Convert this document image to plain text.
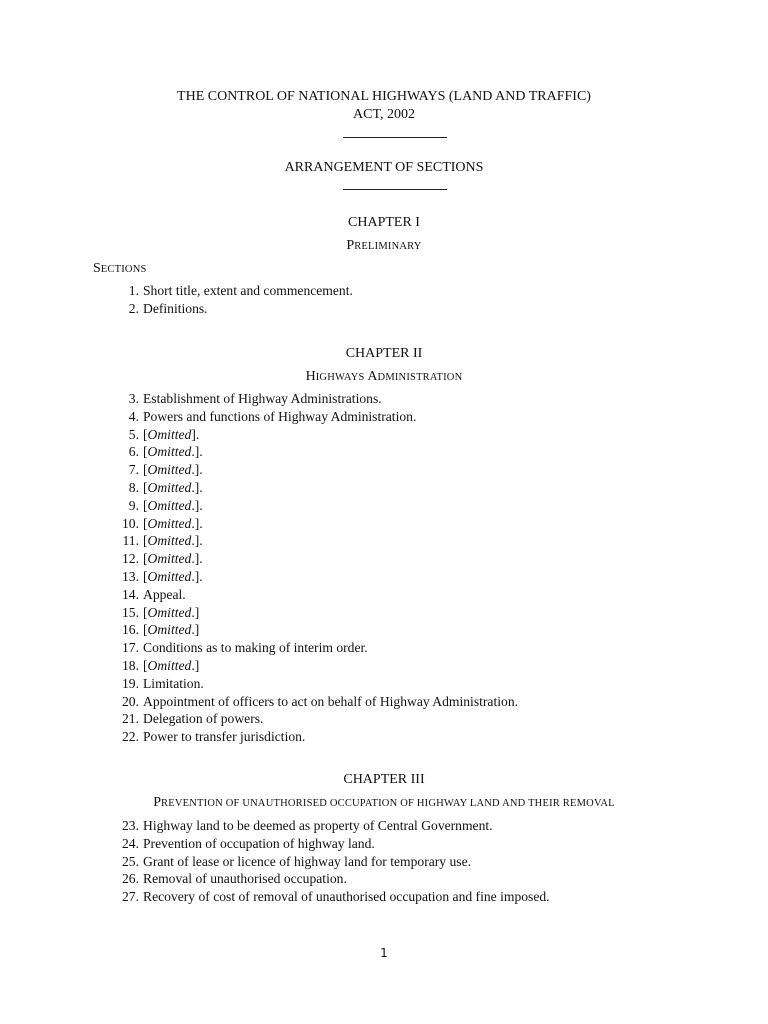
THE CONTROL OF NATIONAL HIGHWAYS (LAND AND TRAFFIC)
ACT, 2002
ARRANGEMENT OF SECTIONS
CHAPTER I
PRELIMINARY
SECTIONS
1. Short title, extent and commencement.
2. Definitions.
CHAPTER II
HIGHWAYS ADMINISTRATION
3. Establishment of Highway Administrations.
4. Powers and functions of Highway Administration.
5. [Omitted].
6. [Omitted.].
7. [Omitted.].
8. [Omitted.].
9. [Omitted.].
10. [Omitted.].
11. [Omitted.].
12. [Omitted.].
13. [Omitted.].
14. Appeal.
15. [Omitted.]
16. [Omitted.]
17. Conditions as to making of interim order.
18. [Omitted.]
19. Limitation.
20. Appointment of officers to act on behalf of Highway Administration.
21. Delegation of powers.
22. Power to transfer jurisdiction.
CHAPTER III
PREVENTION OF UNAUTHORISED OCCUPATION OF HIGHWAY LAND AND THEIR REMOVAL
23. Highway land to be deemed as property of Central Government.
24. Prevention of occupation of highway land.
25. Grant of lease or licence of highway land for temporary use.
26. Removal of unauthorised occupation.
27. Recovery of cost of removal of unauthorised occupation and fine imposed.
1
